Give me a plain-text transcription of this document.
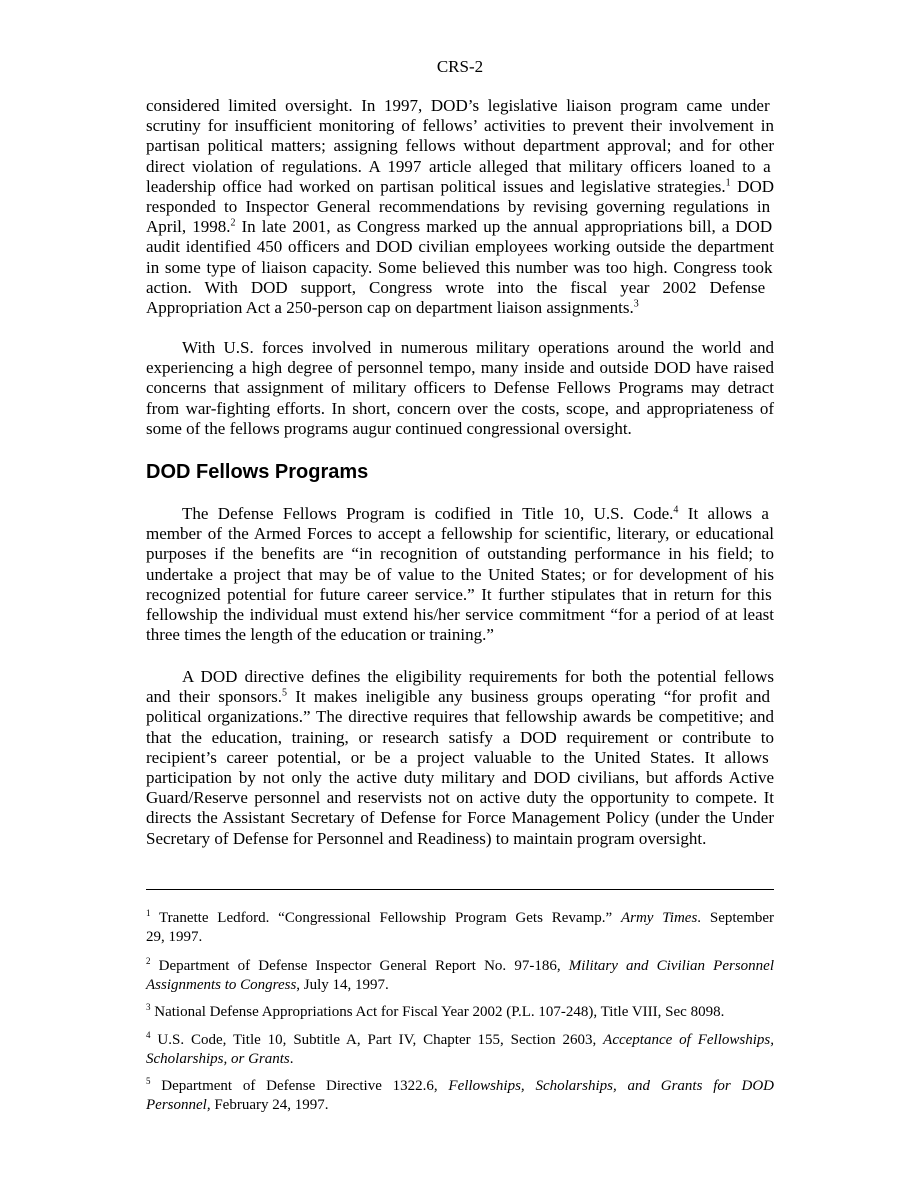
CRS-2
considered limited oversight. In 1997, DOD’s legislative liaison program came under
scrutiny for insufficient monitoring of fellows’ activities to prevent their involvement in
partisan political matters; assigning fellows without department approval; and for other
direct violation of regulations. A 1997 article alleged that military officers loaned to a
leadership office had worked on partisan political issues and legislative strategies.$^1$ DOD
responded to Inspector General recommendations by revising governing regulations in
April, 1998.$^2$ In late 2001, as Congress marked up the annual appropriations bill, a DOD
audit identified 450 officers and DOD civilian employees working outside the department
in some type of liaison capacity. Some believed this number was too high. Congress took
action. With DOD support, Congress wrote into the fiscal year 2002 Defense
Appropriation Act a 250-person cap on department liaison assignments.$^3$
With U.S. forces involved in numerous military operations around the world and
experiencing a high degree of personnel tempo, many inside and outside DOD have raised
concerns that assignment of military officers to Defense Fellows Programs may detract
from war-fighting efforts. In short, concern over the costs, scope, and appropriateness of
some of the fellows programs augur continued congressional oversight.
DOD Fellows Programs
The Defense Fellows Program is codified in Title 10, U.S. Code.$^4$ It allows a
member of the Armed Forces to accept a fellowship for scientific, literary, or educational
purposes if the benefits are “in recognition of outstanding performance in his field; to
undertake a project that may be of value to the United States; or for development of his
recognized potential for future career service.” It further stipulates that in return for this
fellowship the individual must extend his/her service commitment “for a period of at least
three times the length of the education or training.”
A DOD directive defines the eligibility requirements for both the potential fellows
and their sponsors.$^5$ It makes ineligible any business groups operating “for profit and
political organizations.” The directive requires that fellowship awards be competitive; and
that the education, training, or research satisfy a DOD requirement or contribute to
recipient’s career potential, or be a project valuable to the United States. It allows
participation by not only the active duty military and DOD civilians, but affords Active
Guard/Reserve personnel and reservists not on active duty the opportunity to compete. It
directs the Assistant Secretary of Defense for Force Management Policy (under the Under
Secretary of Defense for Personnel and Readiness) to maintain program oversight.
$^1$ Tranette Ledford. “Congressional Fellowship Program Gets Revamp.” Army Times. September
29, 1997.
$^2$ Department of Defense Inspector General Report No. 97-186, Military and Civilian Personnel
Assignments to Congress, July 14, 1997.
$^3$ National Defense Appropriations Act for Fiscal Year 2002 (P.L. 107-248), Title VIII, Sec 8098.
$^4$ U.S. Code, Title 10, Subtitle A, Part IV, Chapter 155, Section 2603, Acceptance of Fellowships,
Scholarships, or Grants.
$^5$ Department of Defense Directive 1322.6, Fellowships, Scholarships, and Grants for DOD
Personnel, February 24, 1997.
